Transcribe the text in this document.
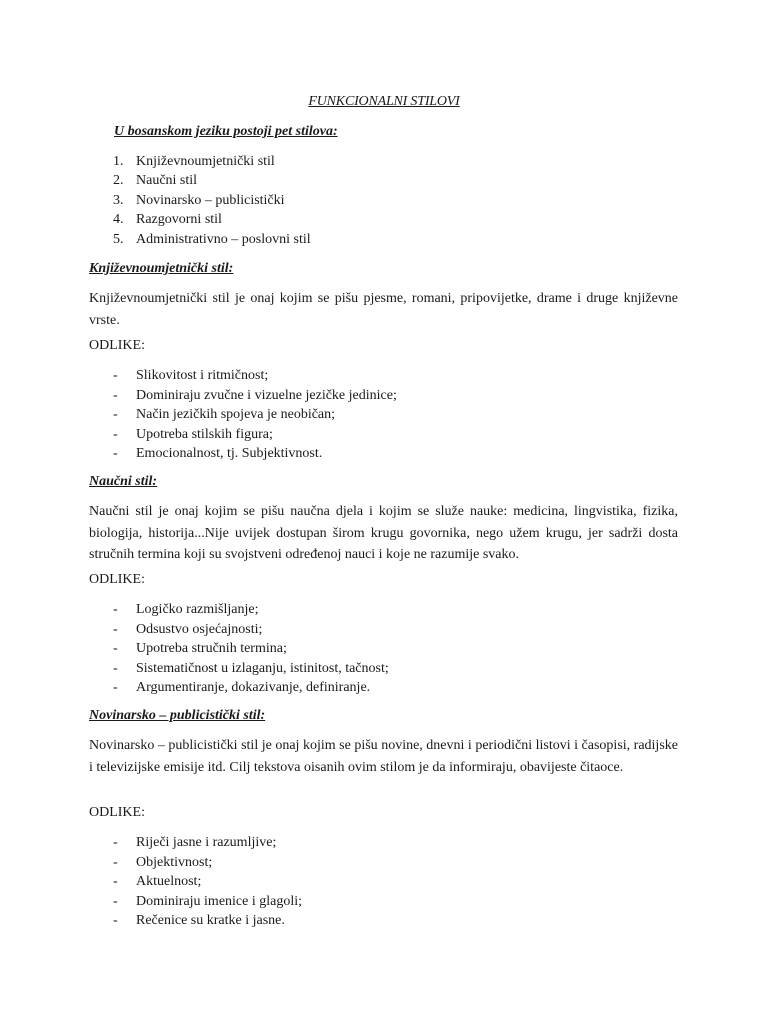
FUNKCIONALNI STILOVI
U bosanskom jeziku postoji pet stilova:
1. Književnoumjetnički stil
2. Naučni stil
3. Novinarsko – publicistički
4. Razgovorni stil
5. Administrativno – poslovni stil
Književnoumjetnički stil:

Književnoumjetnički stil je onaj kojim se pišu pjesme, romani, pripovijetke, drame i druge književne vrste.

ODLIKE:
- Slikovitost i ritmičnost;
- Dominiraju zvučne i vizuelne jezičke jedinice;
- Način jezičkih spojeva je neobičan;
- Upotreba stilskih figura;
- Emocionalnost, tj. Subjektivnost.
Naučni stil:

Naučni stil je onaj kojim se pišu naučna djela i kojim se služe nauke: medicina, lingvistika, fizika, biologija, historija...Nije uvijek dostupan širom krugu govornika, nego užem krugu, jer sadrži dosta stručnih termina koji su svojstveni određenoj nauci i koje ne razumije svako.

ODLIKE:
- Logičko razmišljanje;
- Odsustvo osjećajnosti;
- Upotreba stručnih termina;
- Sistematičnost u izlaganju, istinitost, tačnost;
- Argumentiranje, dokazivanje, definiranje.
Novinarsko – publicistički stil:

Novinarsko – publicistički stil je onaj kojim se pišu novine, dnevni i periodični listovi i časopisi, radijske i televizijske emisije itd. Cilj tekstova oisanih ovim stilom je da informiraju, obavijeste čitaoce.

ODLIKE:
- Riječi jasne i razumljive;
- Objektivnost;
- Aktuelnost;
- Dominiraju imenice i glagoli;
- Rečenice su kratke i jasne.
